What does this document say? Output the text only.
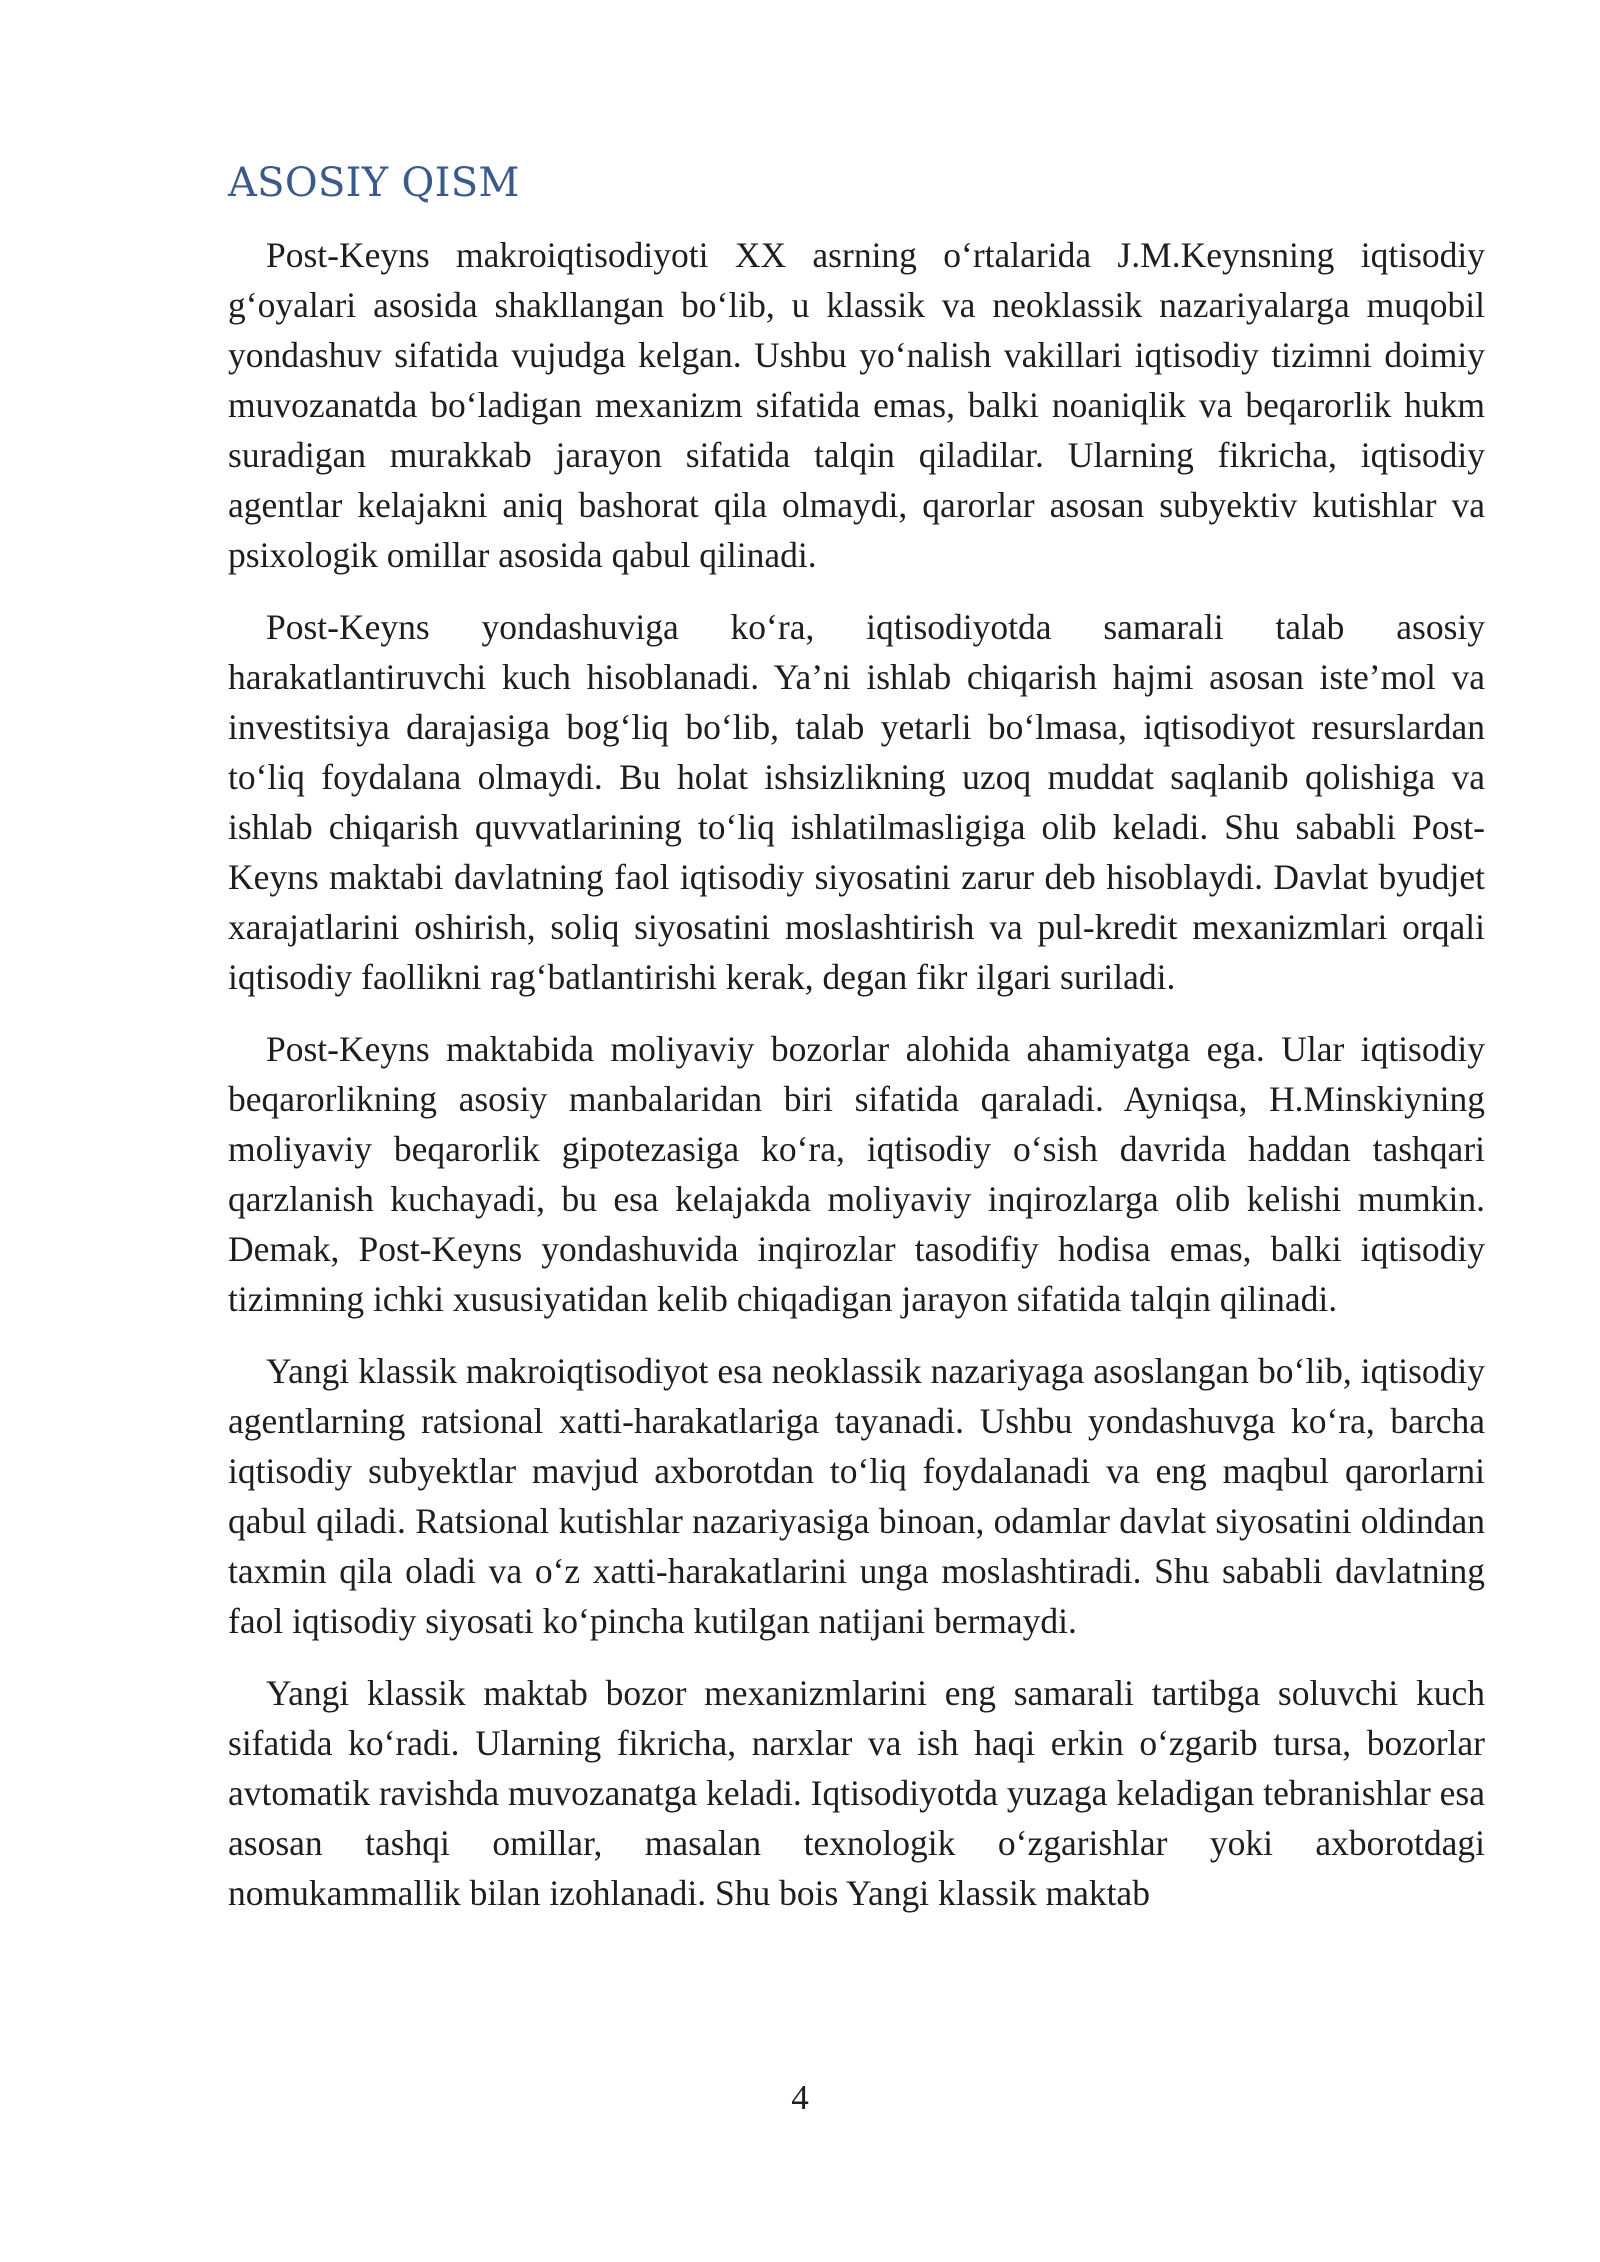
ASOSIY QISM

Post-Keyns makroiqtisodiyoti XX asrning o‘rtalarida J.M.Keynsning iqtisodiy g‘oyalari asosida shakllangan bo‘lib, u klassik va neoklassik nazariyalarga muqobil yondashuv sifatida vujudga kelgan. Ushbu yo‘nalish vakillari iqtisodiy tizimni doimiy muvozanatda bo‘ladigan mexanizm sifatida emas, balki noaniqlik va beqarorlik hukm suradigan murakkab jarayon sifatida talqin qiladilar. Ularning fikricha, iqtisodiy agentlar kelajakni aniq bashorat qila olmaydi, qarorlar asosan subyektiv kutishlar va psixologik omillar asosida qabul qilinadi.

Post-Keyns yondashuviga ko‘ra, iqtisodiyotda samarali talab asosiy harakatlantiruvchi kuch hisoblanadi. Ya’ni ishlab chiqarish hajmi asosan iste’mol va investitsiya darajasiga bog‘liq bo‘lib, talab yetarli bo‘lmasa, iqtisodiyot resurslardan to‘liq foydalana olmaydi. Bu holat ishsizlikning uzoq muddat saqlanib qolishiga va ishlab chiqarish quvvatlarining to‘liq ishlatilmasligiga olib keladi. Shu sababli Post-Keyns maktabi davlatning faol iqtisodiy siyosatini zarur deb hisoblaydi. Davlat byudjet xarajatlarini oshirish, soliq siyosatini moslashtirish va pul-kredit mexanizmlari orqali iqtisodiy faollikni rag‘batlantirishi kerak, degan fikr ilgari suriladi.

Post-Keyns maktabida moliyaviy bozorlar alohida ahamiyatga ega. Ular iqtisodiy beqarorlikning asosiy manbalaridan biri sifatida qaraladi. Ayniqsa, H.Minskiyning moliyaviy beqarorlik gipotezasiga ko‘ra, iqtisodiy o‘sish davrida haddan tashqari qarzlanish kuchayadi, bu esa kelajakda moliyaviy inqirozlarga olib kelishi mumkin. Demak, Post-Keyns yondashuvida inqirozlar tasodifiy hodisa emas, balki iqtisodiy tizimning ichki xususiyatidan kelib chiqadigan jarayon sifatida talqin qilinadi.

Yangi klassik makroiqtisodiyot esa neoklassik nazariyaga asoslangan bo‘lib, iqtisodiy agentlarning ratsional xatti-harakatlariga tayanadi. Ushbu yondashuvga ko‘ra, barcha iqtisodiy subyektlar mavjud axborotdan to‘liq foydalanadi va eng maqbul qarorlarni qabul qiladi. Ratsional kutishlar nazariyasiga binoan, odamlar davlat siyosatini oldindan taxmin qila oladi va o‘z xatti-harakatlarini unga moslashtiradi. Shu sababli davlatning faol iqtisodiy siyosati ko‘pincha kutilgan natijani bermaydi.

Yangi klassik maktab bozor mexanizmlarini eng samarali tartibga soluvchi kuch sifatida ko‘radi. Ularning fikricha, narxlar va ish haqi erkin o‘zgarib tursa, bozorlar avtomatik ravishda muvozanatga keladi. Iqtisodiyotda yuzaga keladigan tebranishlar esa asosan tashqi omillar, masalan texnologik o‘zgarishlar yoki axborotdagi nomukammallik bilan izohlanadi. Shu bois Yangi klassik maktab

4
